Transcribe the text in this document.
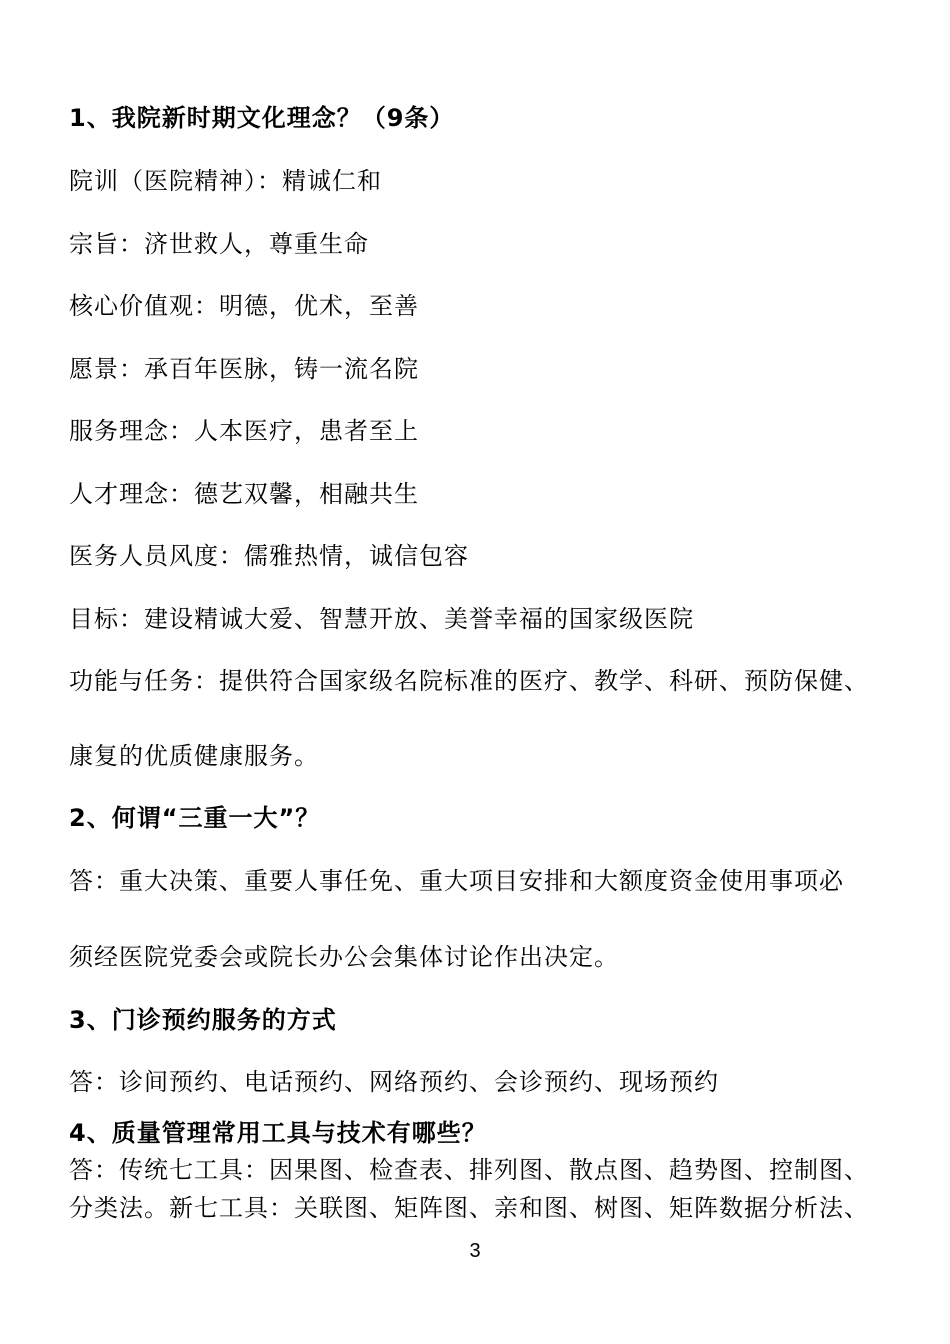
1、我院新时期文化理念？（9条）
院训（医院精神）：精诚仁和
宗旨：济世救人，尊重生命
核心价值观：明德，优术，至善
愿景：承百年医脉，铸一流名院
服务理念：人本医疗，患者至上
人才理念：德艺双馨，相融共生
医务人员风度：儒雅热情，诚信包容
目标：建设精诚大爱、智慧开放、美誉幸福的国家级医院
功能与任务：提供符合国家级名院标准的医疗、教学、科研、预防保健、
康复的优质健康服务。
2、何谓“三重一大”？
答：重大决策、重要人事任免、重大项目安排和大额度资金使用事项必
须经医院党委会或院长办公会集体讨论作出决定。
3、门诊预约服务的方式
答：诊间预约、电话预约、网络预约、会诊预约、现场预约
4、质量管理常用工具与技术有哪些？
答：传统七工具：因果图、检查表、排列图、散点图、趋势图、控制图、
分类法。新七工具：关联图、矩阵图、亲和图、树图、矩阵数据分析法、
3
